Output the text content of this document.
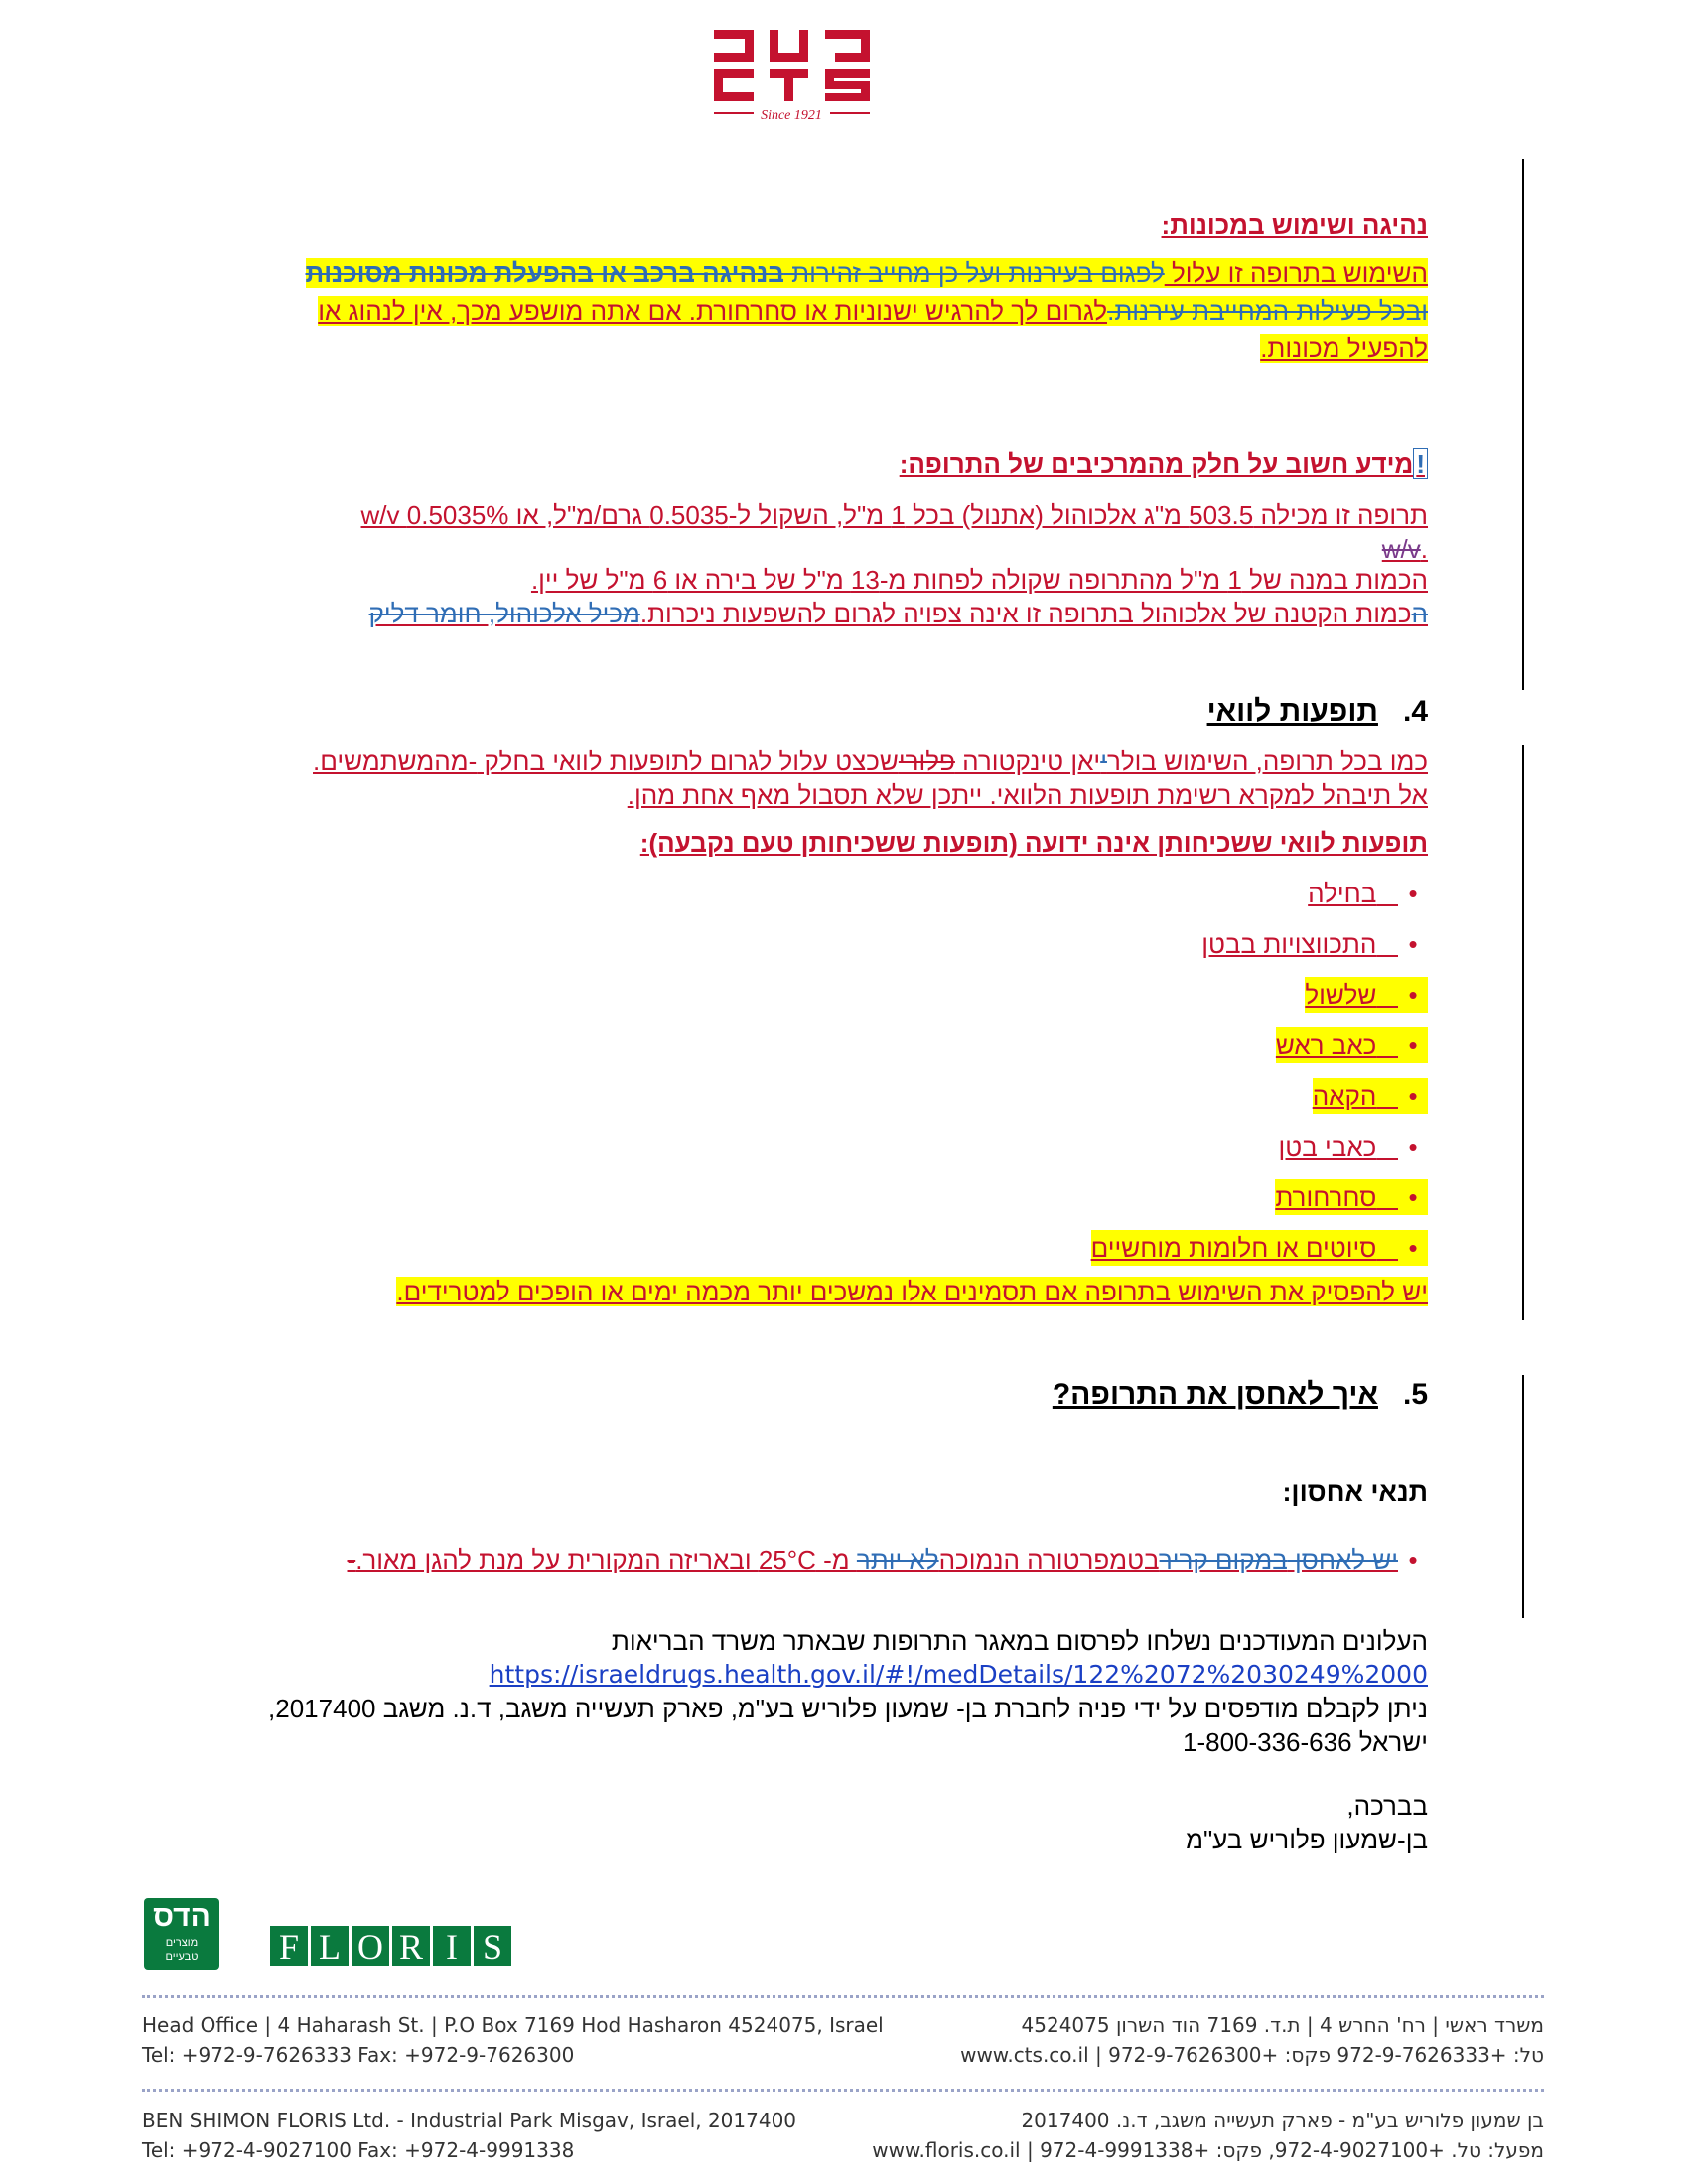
Since 1921
נהיגה ושימוש במכונות:
השימוש בתרופה זו עלול לפגום בעירנות ועל כן מחייב זהירות בנהיגה ברכב או בהפעלת מכונות מסוכנות
ובכל פעילות המחייבת עירנות.לגרום לך להרגיש ישנוניות או סחרחורת. אם אתה מושפע מכך, אין לנהוג או
להפעיל מכונות.
!מידע חשוב על חלק מהמרכיבים של התרופה:
תרופה זו מכילה 503.5 מ"ג אלכוהול (אתנול) בכל 1 מ"ל, השקול ל-0.5035 גרם/מ"ל, או 0.5035% w/v
.w/v
הכמות במנה של 1 מ"ל מהתרופה שקולה לפחות מ-13 מ"ל של בירה או 6 מ"ל של יין.
הכמות הקטנה של אלכוהול בתרופה זו אינה צפויה לגרום להשפעות ניכרות.מכיל אלכוהול, חומר דליק
4.   תופעות לוואי
כמו בכל תרופה, השימוש בולרייאן טינקטורה פלורישכצט עלול לגרום לתופעות לוואי בחלק -מהמשתמשים.
אל תיבהל למקרא רשימת תופעות הלוואי. ייתכן שלא תסבול מאף אחת מהן.
תופעות לוואי ששכיחותן אינה ידועה (תופעות ששכיחותן טעם נקבעה):
•   בחילה
•   התכווצויות בבטן
•   שלשול
•   כאב ראש
•   הקאה
•   כאבי בטן
•   סחרחורת
•   סיוטים או חלומות מוחשיים
יש להפסיק את השימוש בתרופה אם תסמינים אלו נמשכים יותר מכמה ימים או הופכים למטרידים.
5.   איך לאחסן את התרופה?
תנאי אחסון:
•יש לאחסן במקום קרירבטמפרטורה הנמוכהלא יותר מ- 25°C ובאריזה המקורית על מנת להגן מאור.-
העלונים המעודכנים נשלחו לפרסום במאגר התרופות שבאתר משרד הבריאות
https://israeldrugs.health.gov.il/#!/medDetails/122%2072%2030249%2000
ניתן לקבלם מודפסים על ידי פניה לחברת בן- שמעון פלוריש בע"מ, פארק תעשייה משגב, ד.נ. משגב 2017400,
ישראל 1-800-336-636
בברכה,
בן-שמעון פלוריש בע"מ
הדס
מוצרים טבעיים	F L O R I S
Head Office | 4 Haharash St. | P.O Box 7169 Hod Hasharon 4524075, Israel
Tel: +972-9-7626333 Fax: +972-9-7626300
משרד ראשי | רח' החרש 4 | ת.ד. 7169 הוד השרון 4524075
טל: +972-9-7626333 פקס: +972-9-7626300 | www.cts.co.il
BEN SHIMON FLORIS Ltd. - Industrial Park Misgav, Israel, 2017400
Tel: +972-4-9027100 Fax: +972-4-9991338
בן שמעון פלוריש בע"מ - פארק תעשייה משגב, ד.נ. 2017400
מפעל: טל. +972-4-9027100, פקס: +972-4-9991338 | www.floris.co.il
